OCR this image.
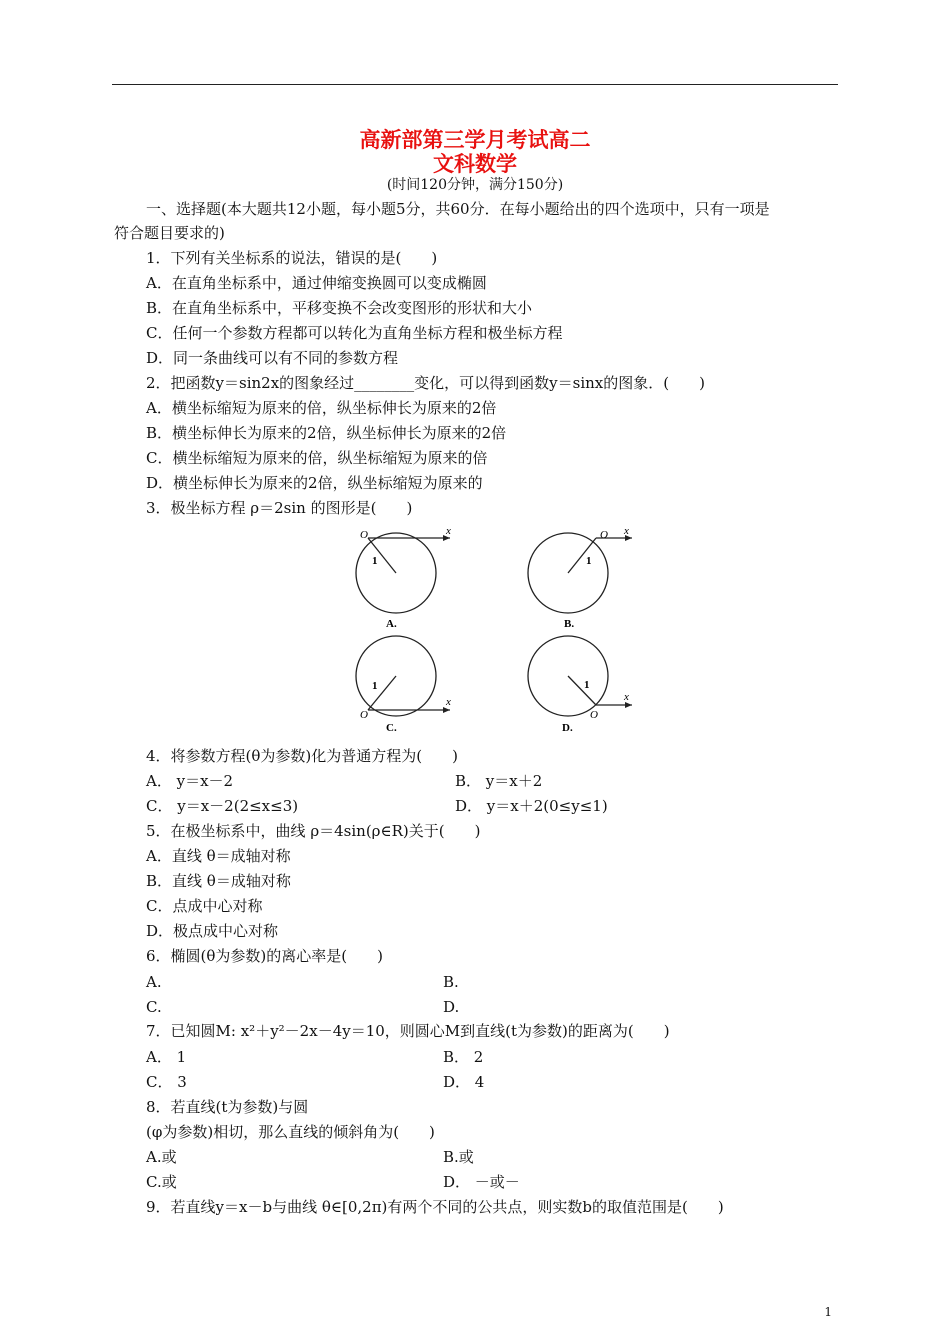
高新部第三学月考试高二
文科数学
(时间120分钟，满分150分)
一、选择题(本大题共12小题，每小题5分，共60分．在每小题给出的四个选项中，只有一项是
符合题目要求的)
1．下列有关坐标系的说法，错误的是(　　)
A．在直角坐标系中，通过伸缩变换圆可以变成椭圆
B．在直角坐标系中，平移变换不会改变图形的形状和大小
C．任何一个参数方程都可以转化为直角坐标方程和极坐标方程
D．同一条曲线可以有不同的参数方程
2．把函数y＝sin2x的图象经过________变化，可以得到函数y＝sinx的图象．(　　)
A．横坐标缩短为原来的倍，纵坐标伸长为原来的2倍
B．横坐标伸长为原来的2倍，纵坐标伸长为原来的2倍
C．横坐标缩短为原来的倍，纵坐标缩短为原来的倍
D．横坐标伸长为原来的2倍，纵坐标缩短为原来的
3．极坐标方程 ρ＝2sin 的图形是(　　)
O	x
1
A.
O x
1
B.
O
x
1
C.
O
x
1
D.
4．将参数方程(θ为参数)化为普通方程为(　　)
A． y＝x－2	B． y＝x＋2
C． y＝x－2(2≤x≤3)	D． y＝x＋2(0≤y≤1)
5．在极坐标系中，曲线 ρ＝4sin(ρ∈R)关于(　　)
A．直线 θ＝成轴对称
B．直线 θ＝成轴对称
C．点成中心对称
D．极点成中心对称
6．椭圆(θ为参数)的离心率是(　　)
A.	B.
C.	D.
7．已知圆M: x²＋y²－2x－4y＝10，则圆心M到直线(t为参数)的距离为(　　)
A． 1	B． 2
C． 3	D． 4
8．若直线(t为参数)与圆
(φ为参数)相切，那么直线的倾斜角为(　　)
A.或	B.或
C.或	D． －或－
9．若直线y＝x－b与曲线 θ∈[0,2π)有两个不同的公共点，则实数b的取值范围是(　　)
1
